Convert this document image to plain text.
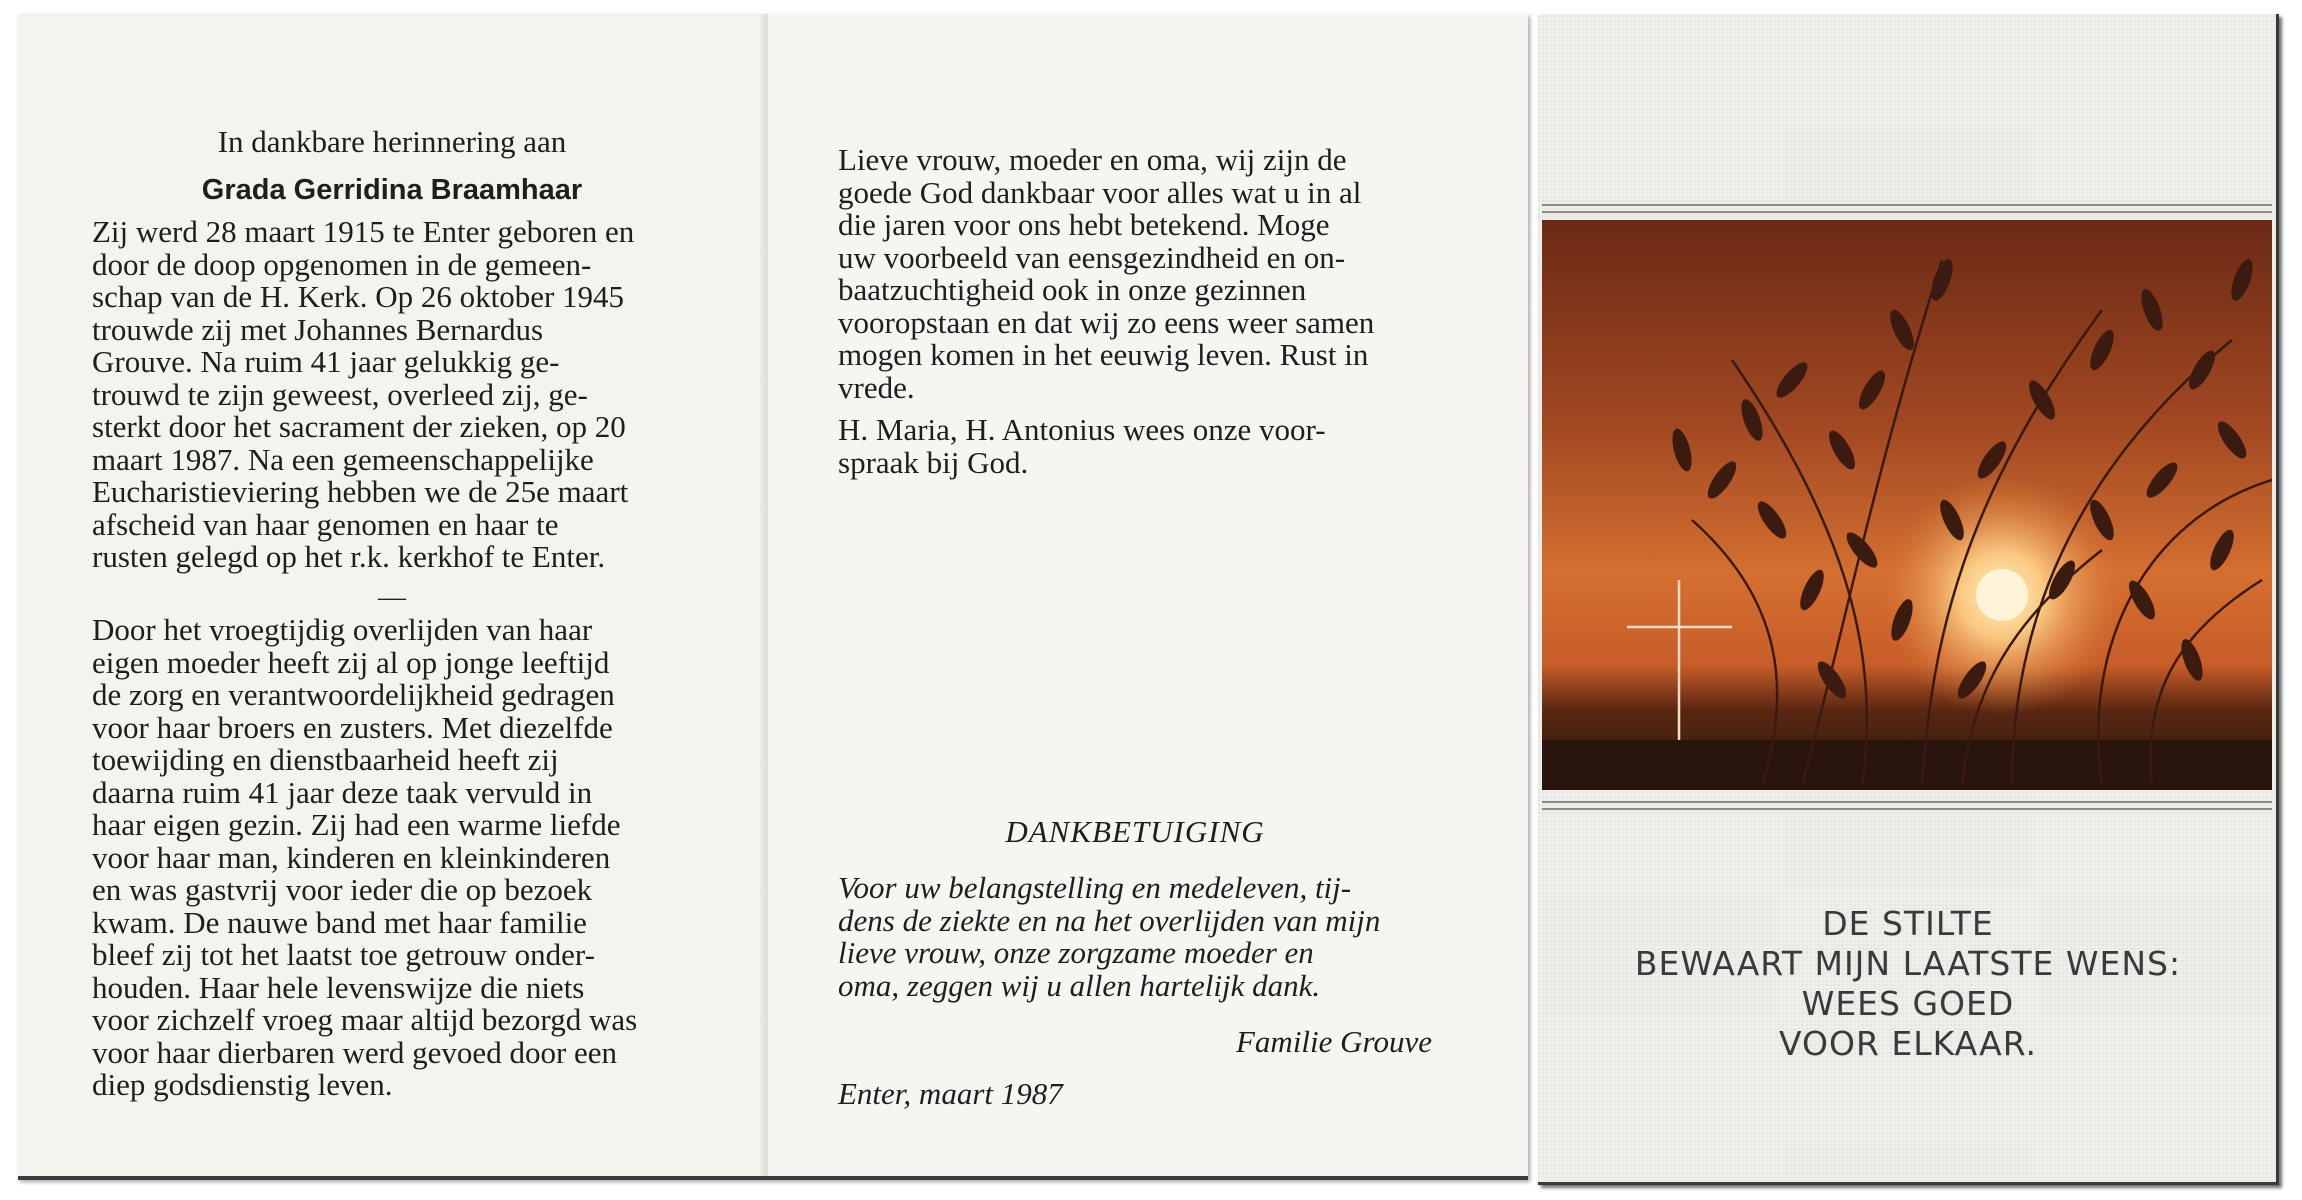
In dankbare herinnering aan
Grada Gerridina Braamhaar
Zij werd 28 maart 1915 te Enter geboren en
door de doop opgenomen in de gemeen-
schap van de H. Kerk. Op 26 oktober 1945
trouwde zij met Johannes Bernardus
Grouve. Na ruim 41 jaar gelukkig ge-
trouwd te zijn geweest, overleed zij, ge-
sterkt door het sacrament der zieken, op 20
maart 1987. Na een gemeenschappelijke
Eucharistieviering hebben we de 25e maart
afscheid van haar genomen en haar te
rusten gelegd op het r.k. kerkhof te Enter.
—
Door het vroegtijdig overlijden van haar
eigen moeder heeft zij al op jonge leeftijd
de zorg en verantwoordelijkheid gedragen
voor haar broers en zusters. Met diezelfde
toewijding en dienstbaarheid heeft zij
daarna ruim 41 jaar deze taak vervuld in
haar eigen gezin. Zij had een warme liefde
voor haar man, kinderen en kleinkinderen
en was gastvrij voor ieder die op bezoek
kwam. De nauwe band met haar familie
bleef zij tot het laatst toe getrouw onder-
houden. Haar hele levenswijze die niets
voor zichzelf vroeg maar altijd bezorgd was
voor haar dierbaren werd gevoed door een
diep godsdienstig leven.
Lieve vrouw, moeder en oma, wij zijn de
goede God dankbaar voor alles wat u in al
die jaren voor ons hebt betekend. Moge
uw voorbeeld van eensgezindheid en on-
baatzuchtigheid ook in onze gezinnen
vooropstaan en dat wij zo eens weer samen
mogen komen in het eeuwig leven. Rust in
vrede.
H. Maria, H. Antonius wees onze voor-
spraak bij God.
DANKBETUIGING
Voor uw belangstelling en medeleven, tij-
dens de ziekte en na het overlijden van mijn
lieve vrouw, onze zorgzame moeder en
oma, zeggen wij u allen hartelijk dank.
Familie Grouve
Enter, maart 1987
DE STILTE
BEWAART MIJN LAATSTE WENS:
WEES GOED
VOOR ELKAAR.
